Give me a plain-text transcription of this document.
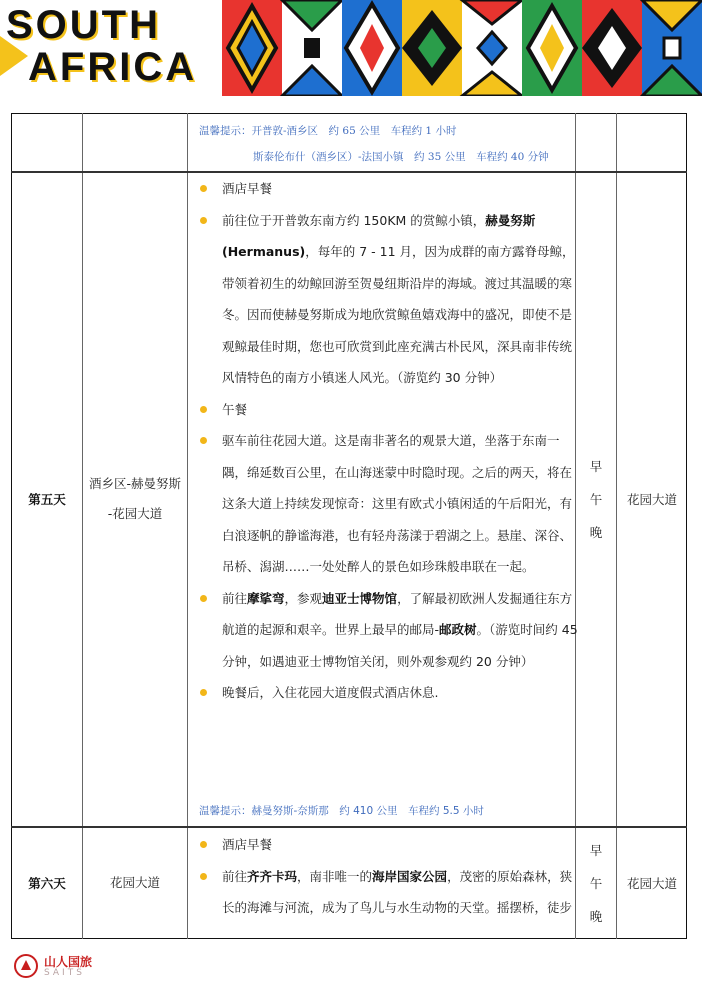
SOUTH
AFRICA
温馨提示：开普敦-酒乡区　约 65 公里　车程约 1 小时
斯泰伦布什（酒乡区）-法国小镇　约 35 公里　车程约 40 分钟
第五天
酒乡区-赫曼努斯
-花园大道
早
午
晚
花园大道
酒店早餐
前往位于开普敦东南方约 150KM 的赏鲸小镇，赫曼努斯 (Hermanus)，每年的 7 - 11 月，因为成群的南方露脊母鲸，带领着初生的幼鲸回游至贺曼纽斯沿岸的海域。渡过其温暖的寒冬。因而使赫曼努斯成为地欣赏鲸鱼嬉戏海中的盛况，即使不是观鲸最佳时期，您也可欣赏到此座充满古朴民风，深具南非传统风情特色的南方小镇迷人风光。（游览约 30 分钟）
午餐
驱车前往花园大道。这是南非著名的观景大道，坐落于东南一隅，绵延数百公里，在山海迷蒙中时隐时现。之后的两天，将在这条大道上持续发现惊奇：这里有欧式小镇闲适的午后阳光，有白浪逐帆的静谧海港，也有轻舟荡漾于碧湖之上。悬崖、深谷、吊桥、潟湖……一处处醉人的景色如珍珠般串联在一起。
前往摩挲弯，参观迪亚士博物馆，了解最初欧洲人发掘通往东方航道的起源和艰辛。世界上最早的邮局-邮政树。（游览时间约 45 分钟，如遇迪亚士博物馆关闭，则外观参观约 20 分钟）
晚餐后，入住花园大道度假式酒店休息.
温馨提示：赫曼努斯-奈斯那　约 410 公里　车程约 5.5 小时
第六天	花园大道
早
午
晚
花园大道
酒店早餐
前往齐齐卡玛，南非唯一的海岸国家公园，茂密的原始森林，狭长的海滩与河流，成为了鸟儿与水生动物的天堂。摇摆桥，徒步
山人国旅
SAITS
